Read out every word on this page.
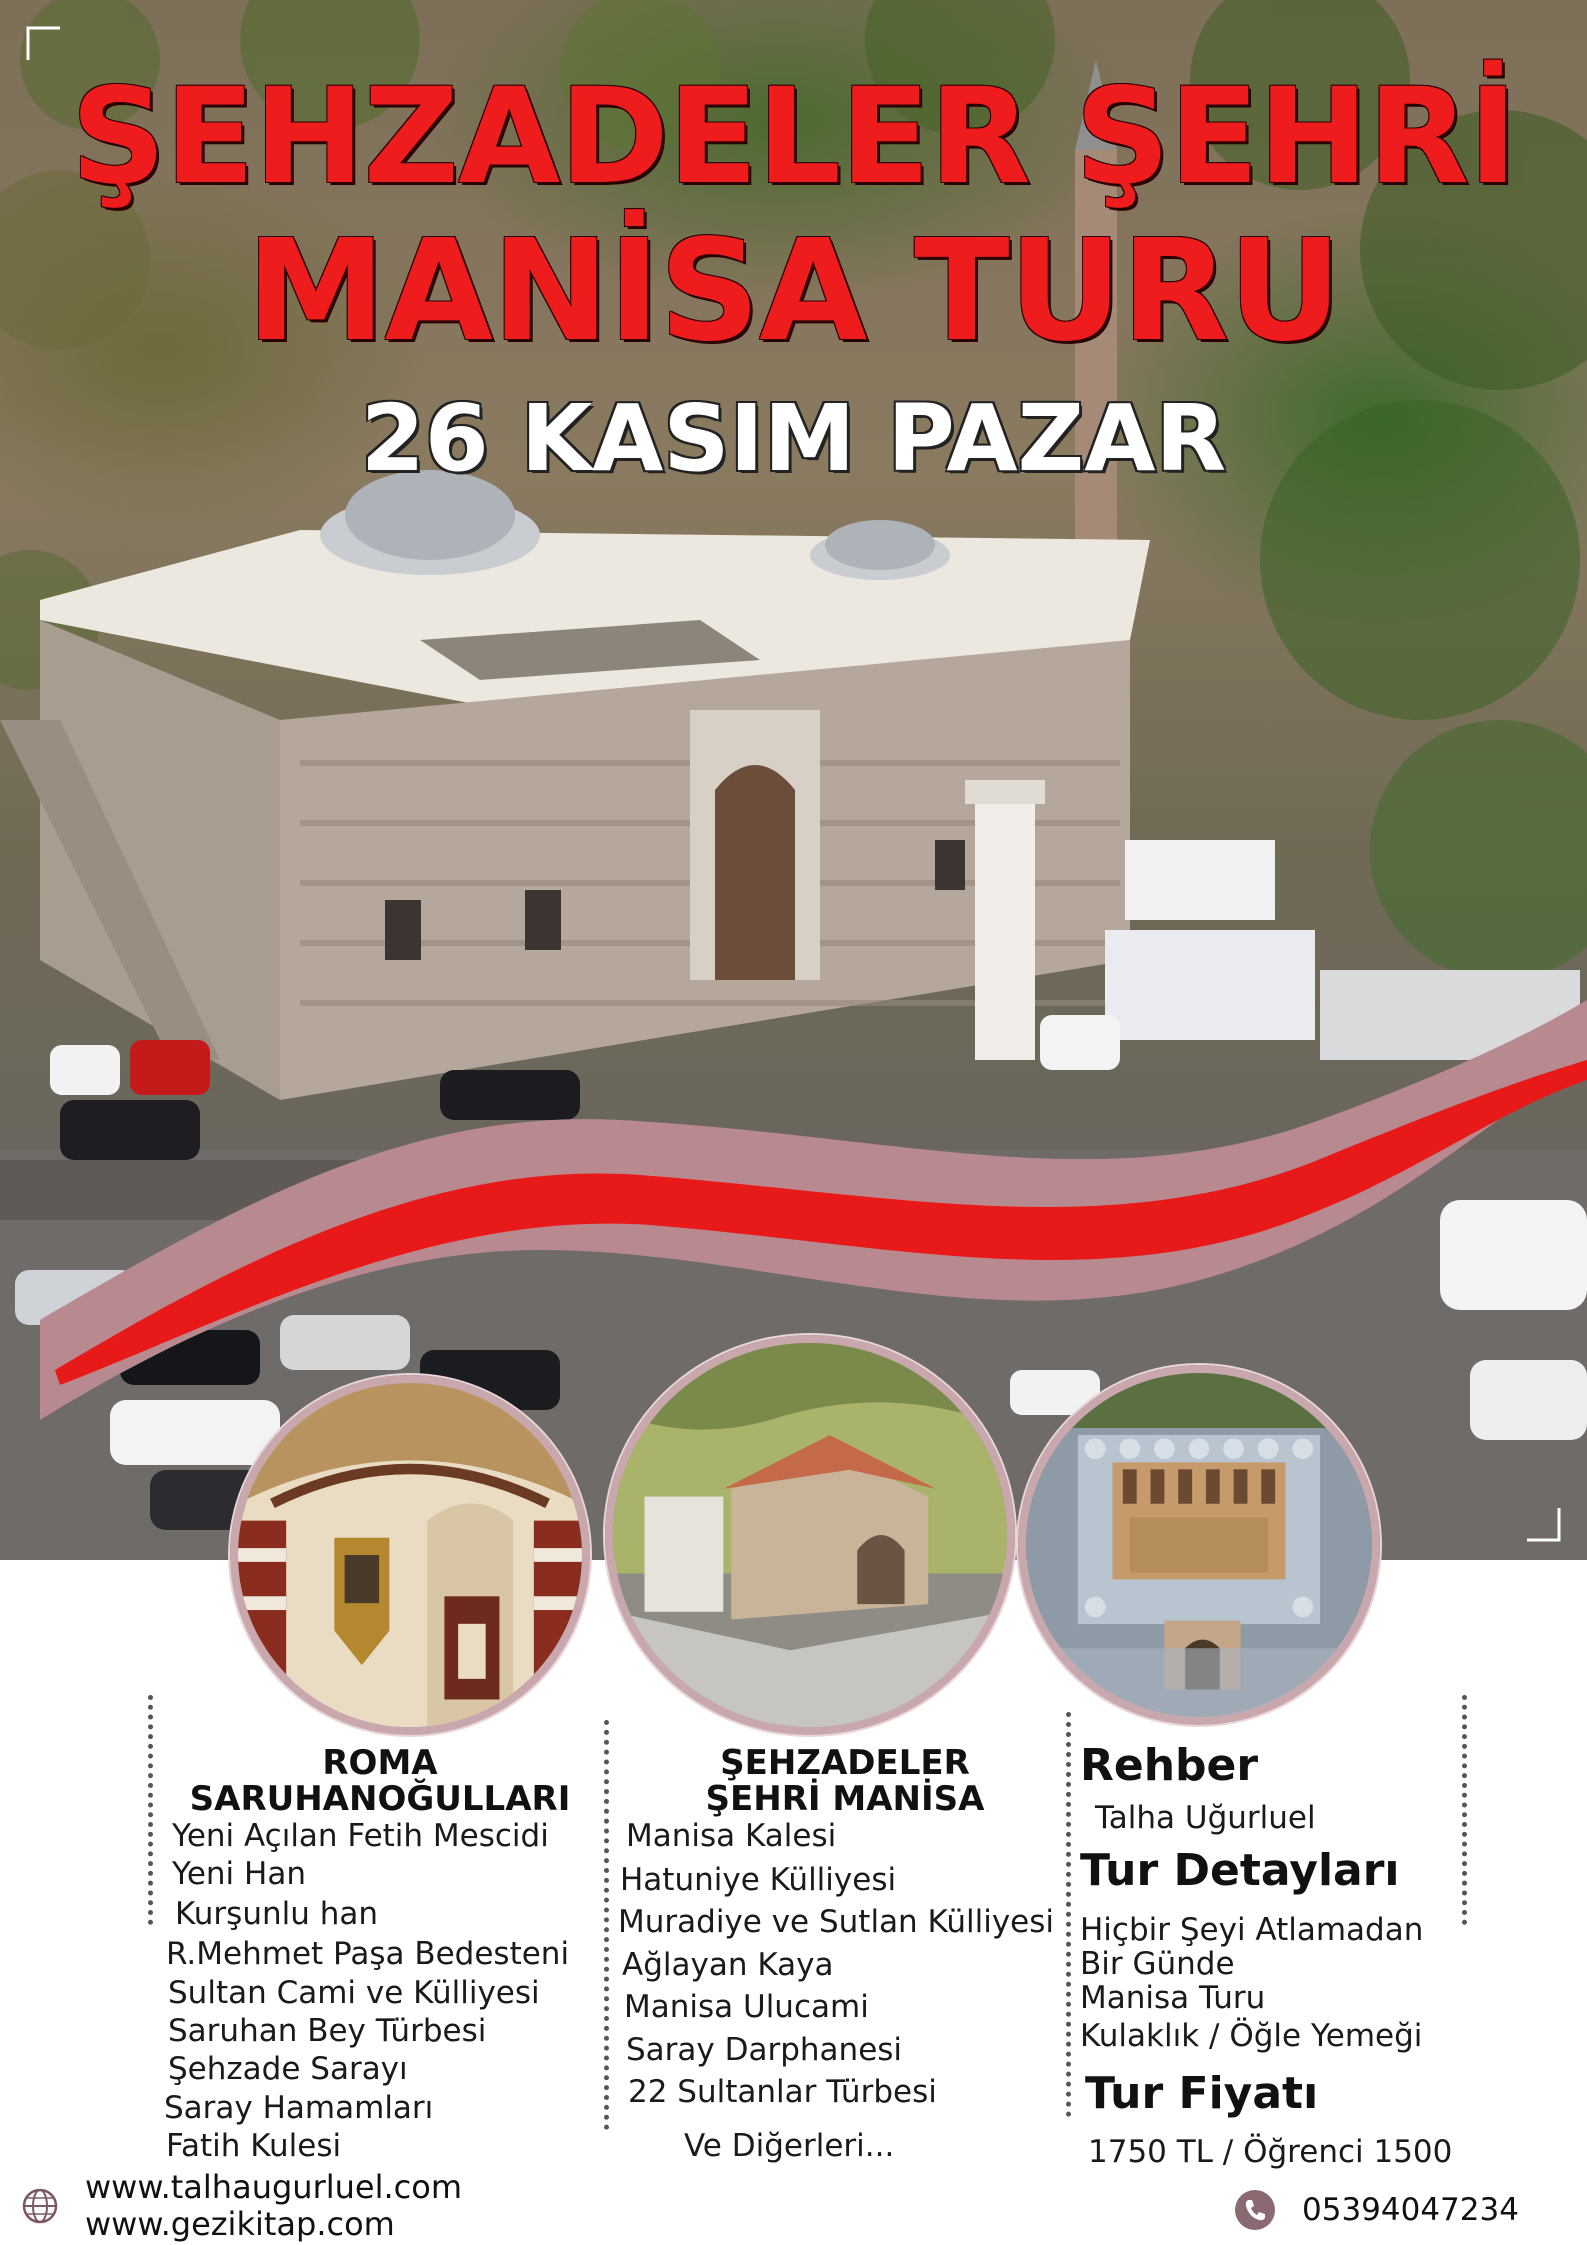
ŞEHZADELER ŞEHRİ
MANİSA TURU
26 KASIM PAZAR
ROMA
SARUHANOĞULLARI
Yeni Açılan Fetih Mescidi
Yeni Han
Kurşunlu han
R.Mehmet Paşa Bedesteni
Sultan Cami ve Külliyesi
Saruhan Bey Türbesi
Şehzade Sarayı
Saray Hamamları
Fatih Kulesi
ŞEHZADELER
ŞEHRİ MANİSA
Manisa Kalesi
Hatuniye Külliyesi
Muradiye ve Sutlan Külliyesi
Ağlayan Kaya
Manisa Ulucami
Saray Darphanesi
22 Sultanlar Türbesi
Ve Diğerleri...
Rehber
Talha Uğurluel
Tur Detayları
Hiçbir Şeyi Atlamadan
Bir Günde
Manisa Turu
Kulaklık / Öğle Yemeği
Tur Fiyatı
1750 TL / Öğrenci 1500
www.talhaugurluel.com
www.gezikitap.com	05394047234
